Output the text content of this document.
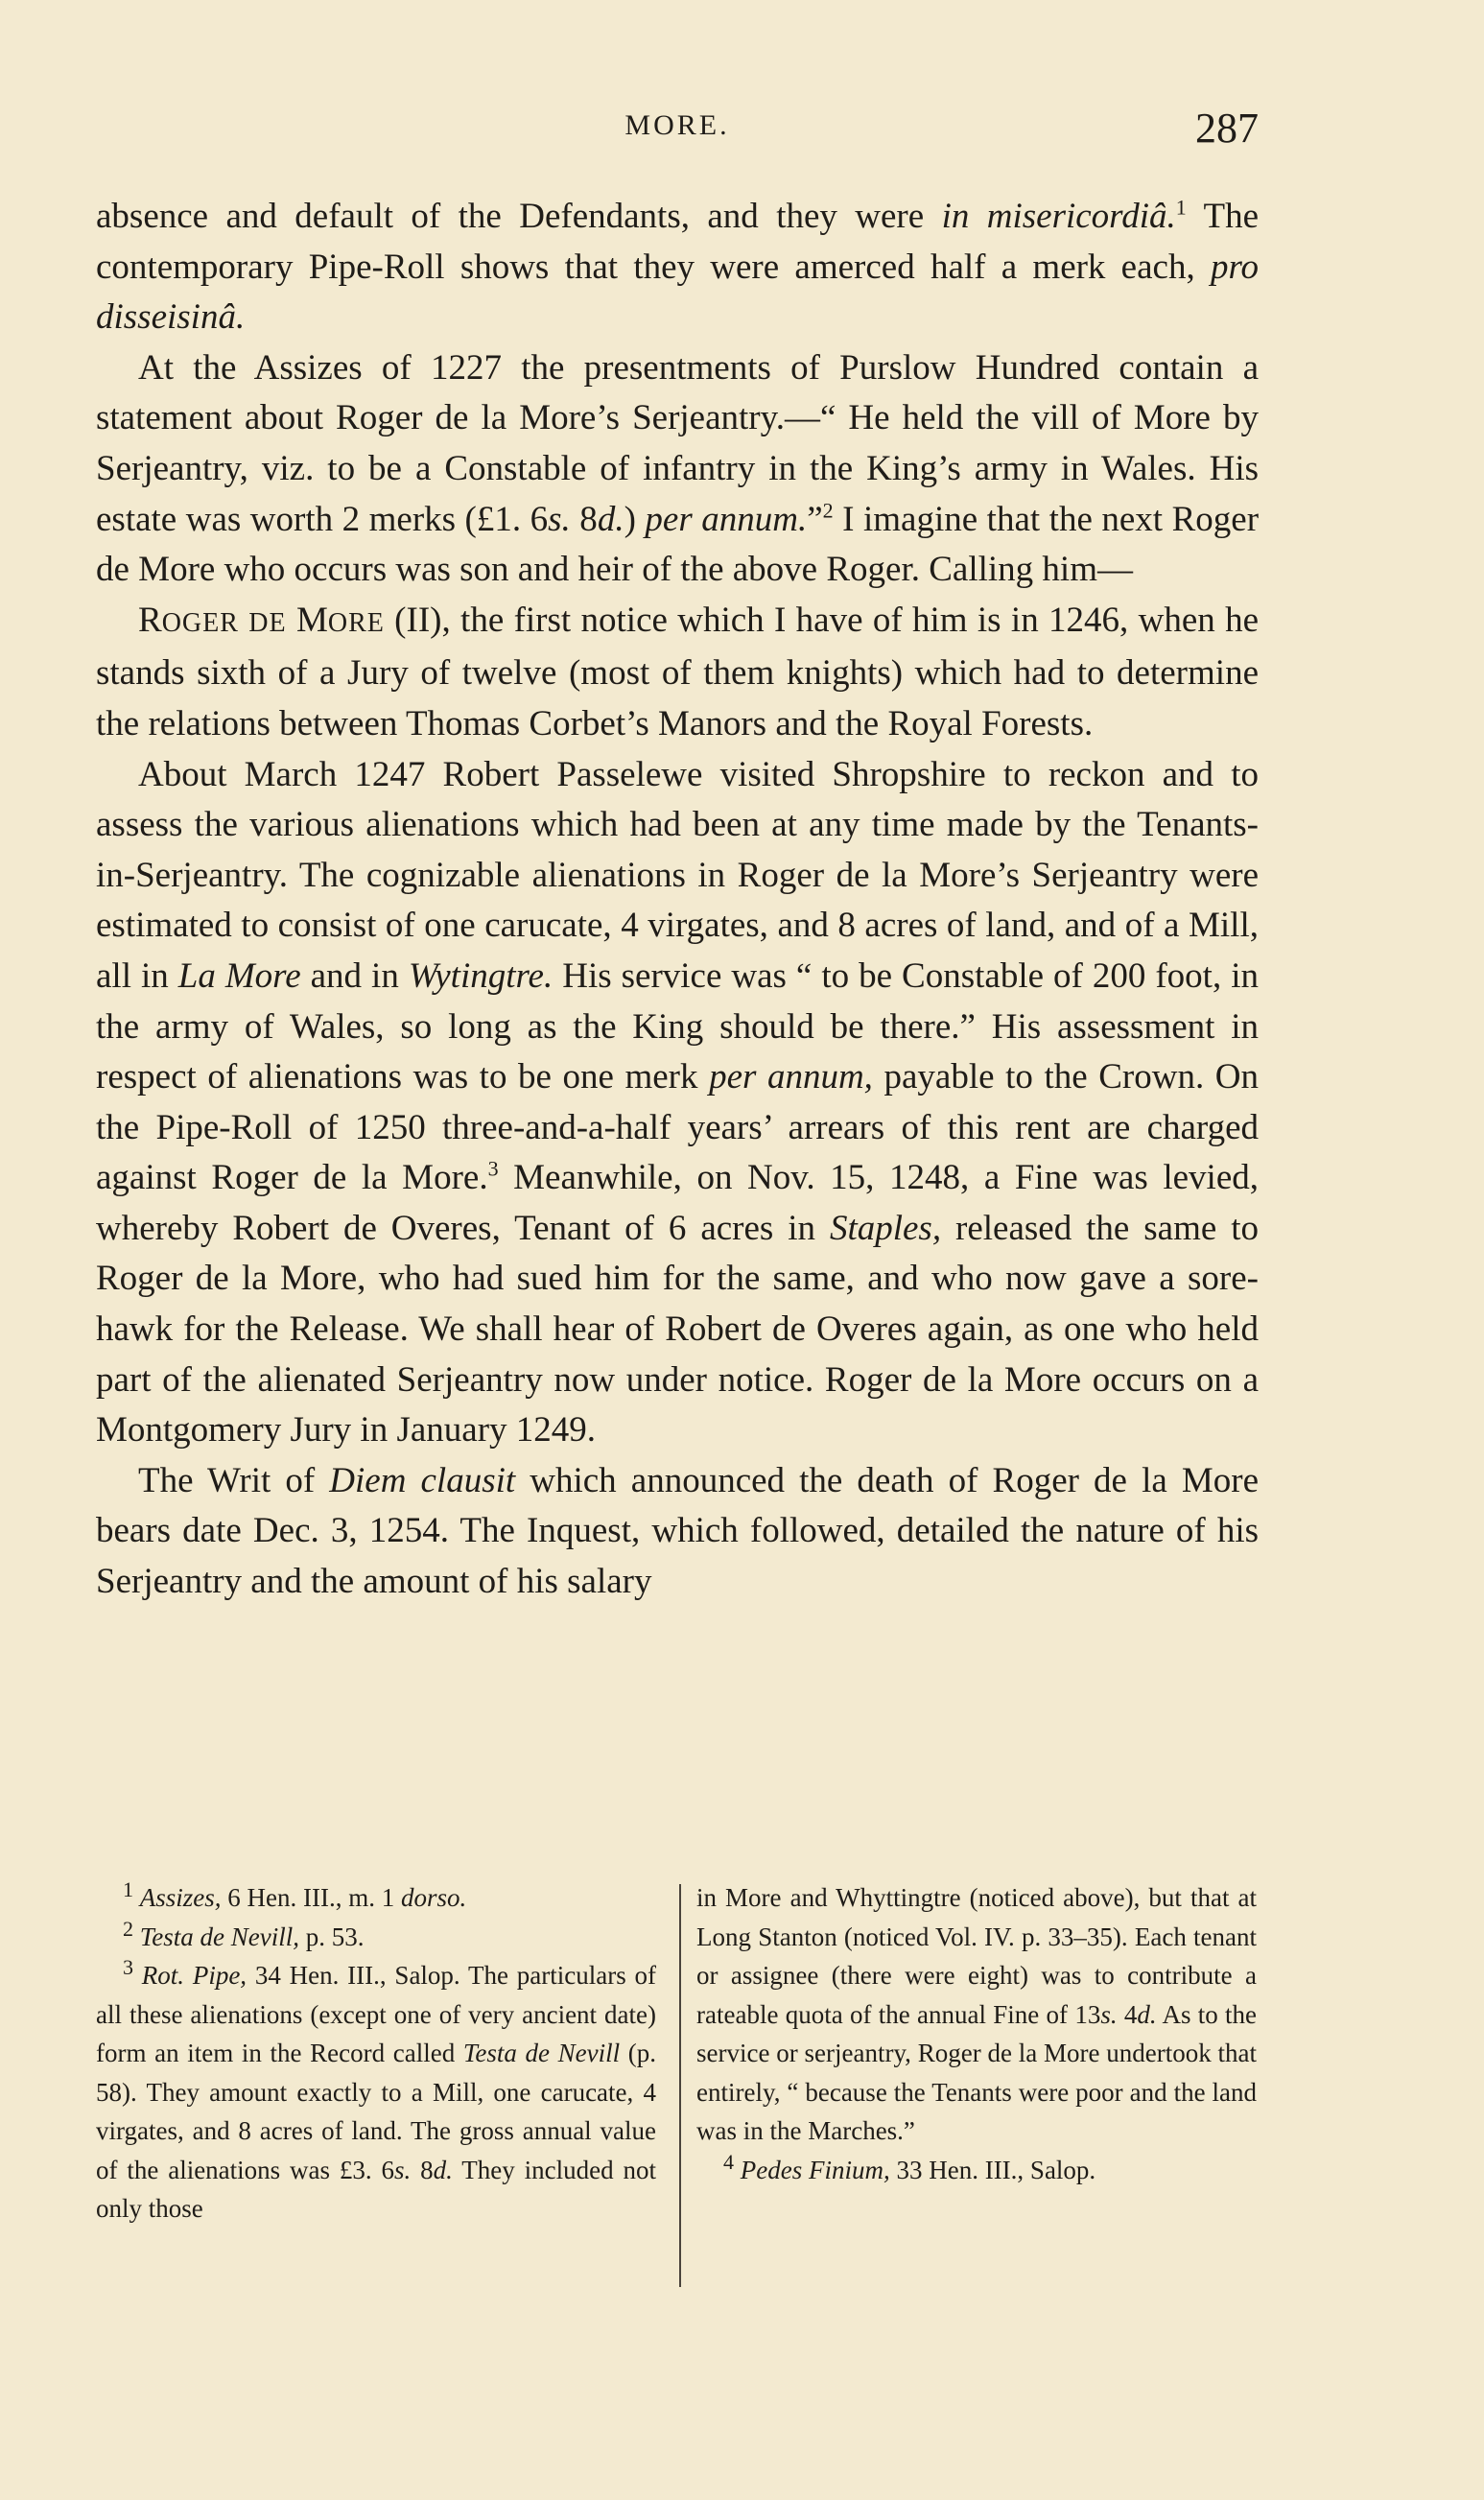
MORE.	287

absence and default of the Defendants, and they were in misericordiâ.$^1$ The contemporary Pipe-Roll shows that they were amerced half a merk each, pro disseisinâ.

At the Assizes of 1227 the presentments of Purslow Hundred contain a statement about Roger de la More’s Serjeantry.—“ He held the vill of More by Serjeantry, viz. to be a Constable of infantry in the King’s army in Wales. His estate was worth 2 merks (£1. 6s. 8d.) per annum.”$^2$ I imagine that the next Roger de More who occurs was son and heir of the above Roger. Calling him—

ROGER DE MORE (II), the first notice which I have of him is in 1246, when he stands sixth of a Jury of twelve (most of them knights) which had to determine the relations between Thomas Corbet’s Manors and the Royal Forests.

About March 1247 Robert Passelewe visited Shropshire to reckon and to assess the various alienations which had been at any time made by the Tenants-in-Serjeantry. The cognizable alienations in Roger de la More’s Serjeantry were estimated to consist of one carucate, 4 virgates, and 8 acres of land, and of a Mill, all in La More and in Wytingtre. His service was “ to be Constable of 200 foot, in the army of Wales, so long as the King should be there.” His assessment in respect of alienations was to be one merk per annum, payable to the Crown. On the Pipe-Roll of 1250 three-and-a-half years’ arrears of this rent are charged against Roger de la More.$^3$ Meanwhile, on Nov. 15, 1248, a Fine was levied, whereby Robert de Overes, Tenant of 6 acres in Staples, released the same to Roger de la More, who had sued him for the same, and who now gave a sore-hawk for the Release. We shall hear of Robert de Overes again, as one who held part of the alienated Serjeantry now under notice. Roger de la More occurs on a Montgomery Jury in January 1249.

The Writ of Diem clausit which announced the death of Roger de la More bears date Dec. 3, 1254. The Inquest, which followed, detailed the nature of his Serjeantry and the amount of his salary

$^1$ Assizes, 6 Hen. III., m. 1 dorso.

$^2$ Testa de Nevill, p. 53.

$^3$ Rot. Pipe, 34 Hen. III., Salop. The particulars of all these alienations (except one of very ancient date) form an item in the Record called Testa de Nevill (p. 58). They amount exactly to a Mill, one carucate, 4 virgates, and 8 acres of land. The gross annual value of the alienations was £3. 6s. 8d. They included not only those

in More and Whyttingtre (noticed above), but that at Long Stanton (noticed Vol. IV. p. 33–35). Each tenant or assignee (there were eight) was to contribute a rateable quota of the annual Fine of 13s. 4d. As to the service or serjeantry, Roger de la More undertook that entirely, “ because the Tenants were poor and the land was in the Marches.”

$^4$ Pedes Finium, 33 Hen. III., Salop.
